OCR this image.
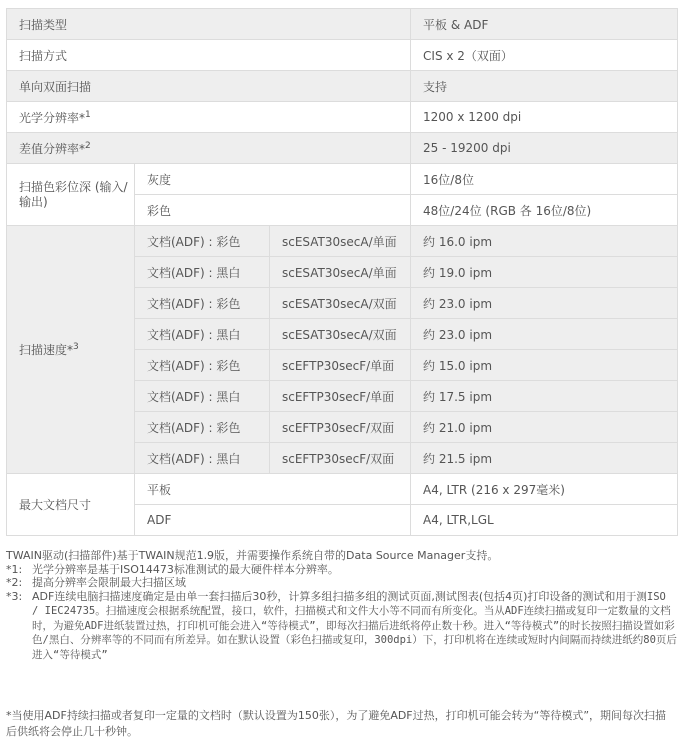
扫描类型			平板 & ADF
扫描方式			CIS x 2（双面）
单向双面扫描			支持
光学分辨率*$^1$			1200 x 1200 dpi
差值分辨率*$^2$			25 - 19200 dpi
扫描色彩位深 (输入/输出)	灰度		16位/8位
	彩色		48位/24位 (RGB 各 16位/8位)
扫描速度*$^3$	文档(ADF) : 彩色	scESAT30secA/单面	约 16.0 ipm
	文档(ADF) : 黑白	scESAT30secA/单面	约 19.0 ipm
	文档(ADF) : 彩色	scESAT30secA/双面	约 23.0 ipm
	文档(ADF) : 黑白	scESAT30secA/双面	约 23.0 ipm
	文档(ADF) : 彩色	scEFTP30secF/单面	约 15.0 ipm
	文档(ADF) : 黑白	scEFTP30secF/单面	约 17.5 ipm
	文档(ADF) : 彩色	scEFTP30secF/双面	约 21.0 ipm
	文档(ADF) : 黑白	scEFTP30secF/双面	约 21.5 ipm
最大文档尺寸	平板		A4, LTR (216 x 297毫米)
	ADF		A4, LTR,LGL
TWAIN驱动(扫描部件)基于TWAIN规范1.9版，并需要操作系统自带的Data Source Manager支持。
*1: 光学分辨率是基于ISO14473标准测试的最大硬件样本分辨率。
*2: 提高分辨率会限制最大扫描区域
*3: ADF连续电脑扫描速度确定是由单一套扫描后30秒，计算多组扫描多组的测试页面,测试图表(包括4页)打印设备的测试和用于测ISO / IEC24735。扫描速度会根据系统配置，接口，软件，扫描模式和文件大小等不同而有所变化。当从ADF连续扫描或复印一定数量的文档时，为避免ADF进纸装置过热，打印机可能会进入“等待模式”，即每次扫描后进纸将停止数十秒。进入“等待模式”的时长按照扫描设置如彩色/黑白、分辨率等的不同而有所差异。如在默认设置（彩色扫描或复印，300dpi）下，打印机将在连续或短时内间隔而持续进纸约80页后进入“等待模式”
*当使用ADF持续扫描或者复印一定量的文档时（默认设置为150张），为了避免ADF过热，打印机可能会转为“等待模式”，期间每次扫描后供纸将会停止几十秒钟。
